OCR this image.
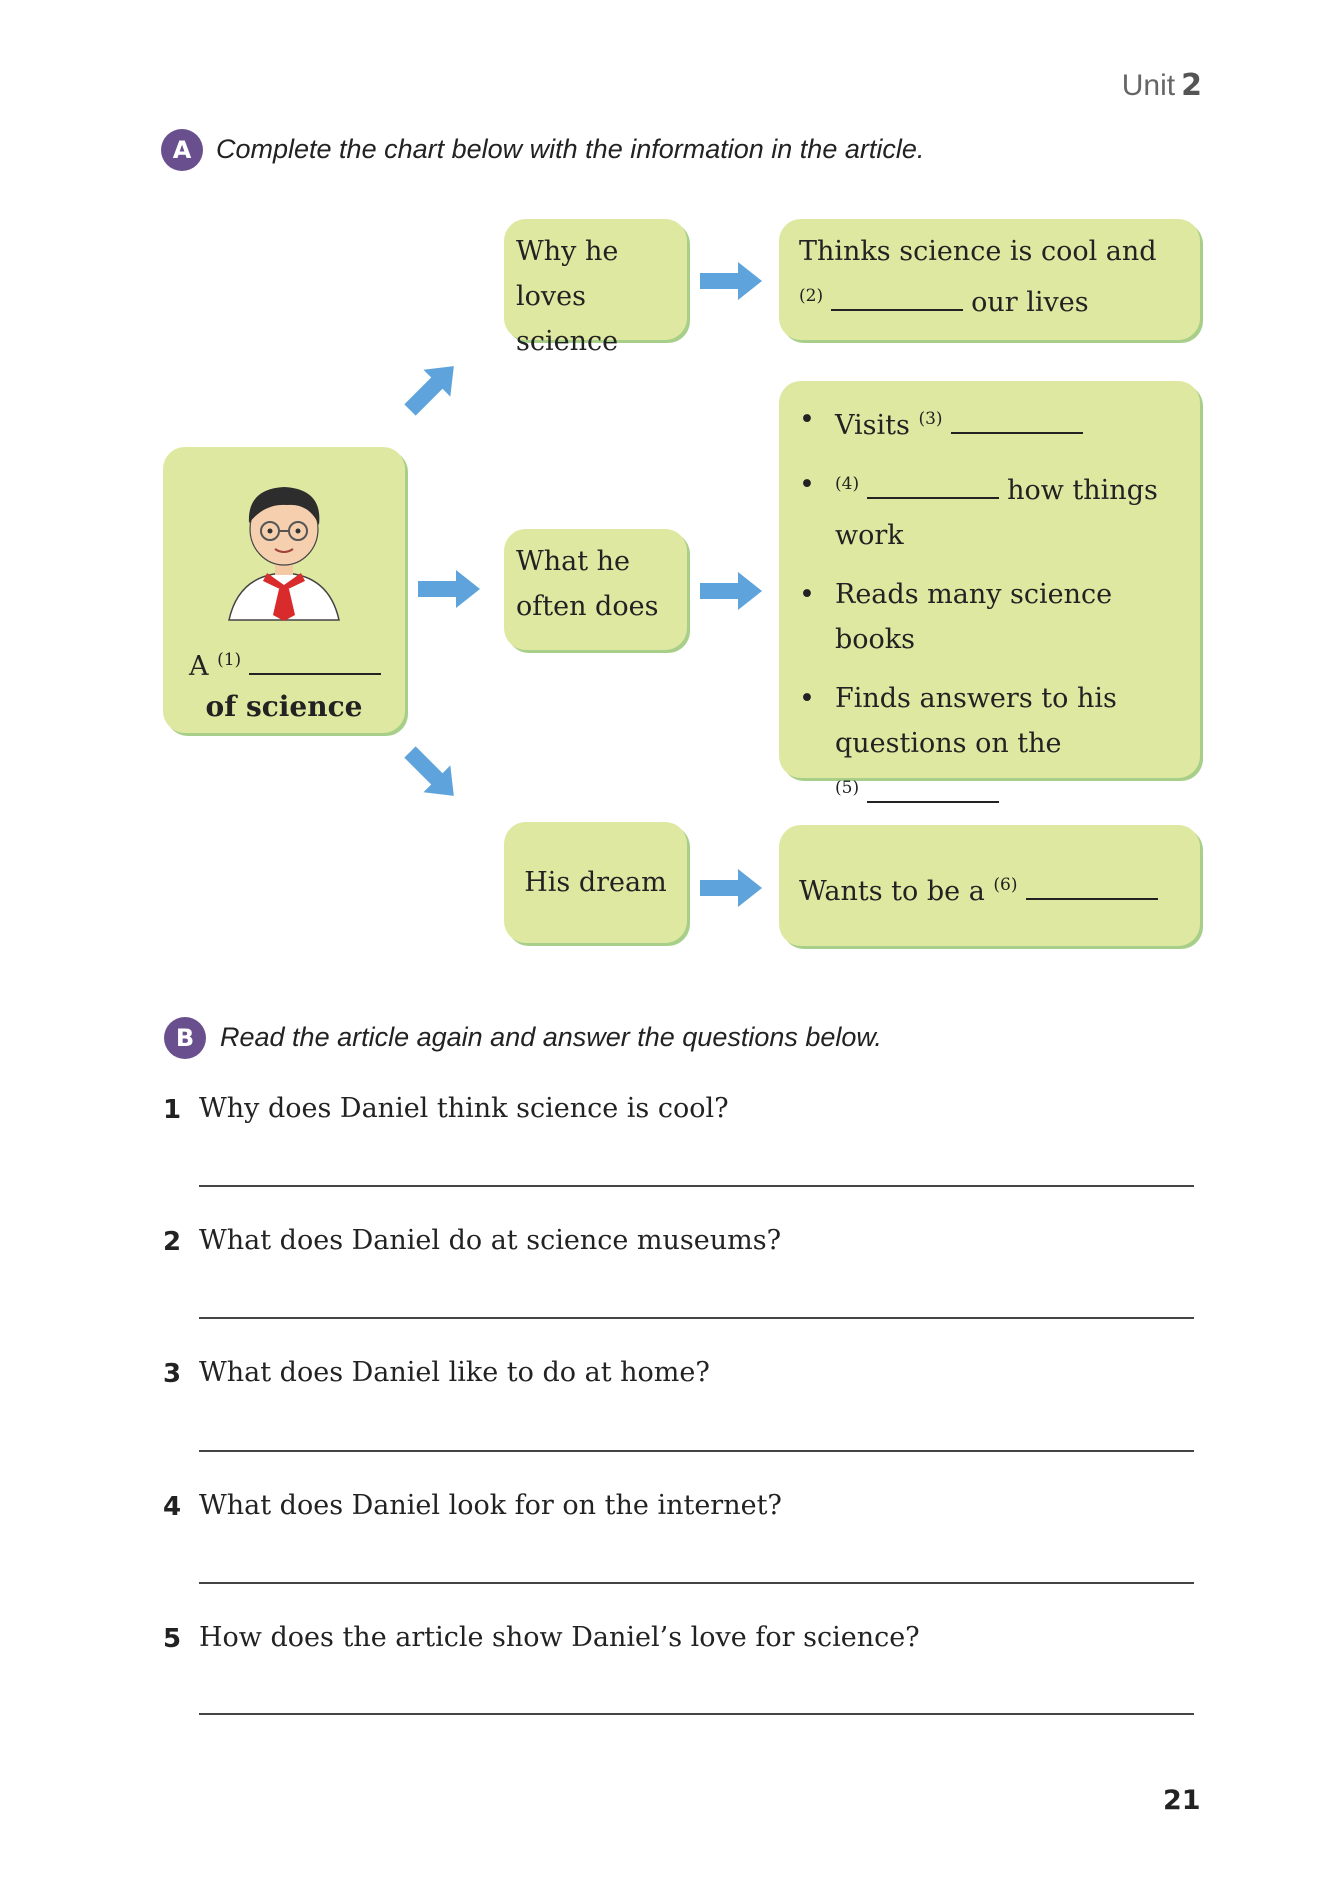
Unit 2
A Complete the chart below with the information in the article.
A $^{(1)}$
of science
Why he
loves science
Thinks science is cool and
$^{(2)}$	our lives
What he
often does
• Visits $^{(3)}$
• $^{(4)}$	how things
work
• Reads many science books
• Finds answers to his
questions on the
$^{(5)}$
His dream	Wants to be a $^{(6)}$
B Read the article again and answer the questions below.
1 Why does Daniel think science is cool?
2 What does Daniel do at science museums?
3 What does Daniel like to do at home?
4 What does Daniel look for on the internet?
5 How does the article show Daniel’s love for science?
21
